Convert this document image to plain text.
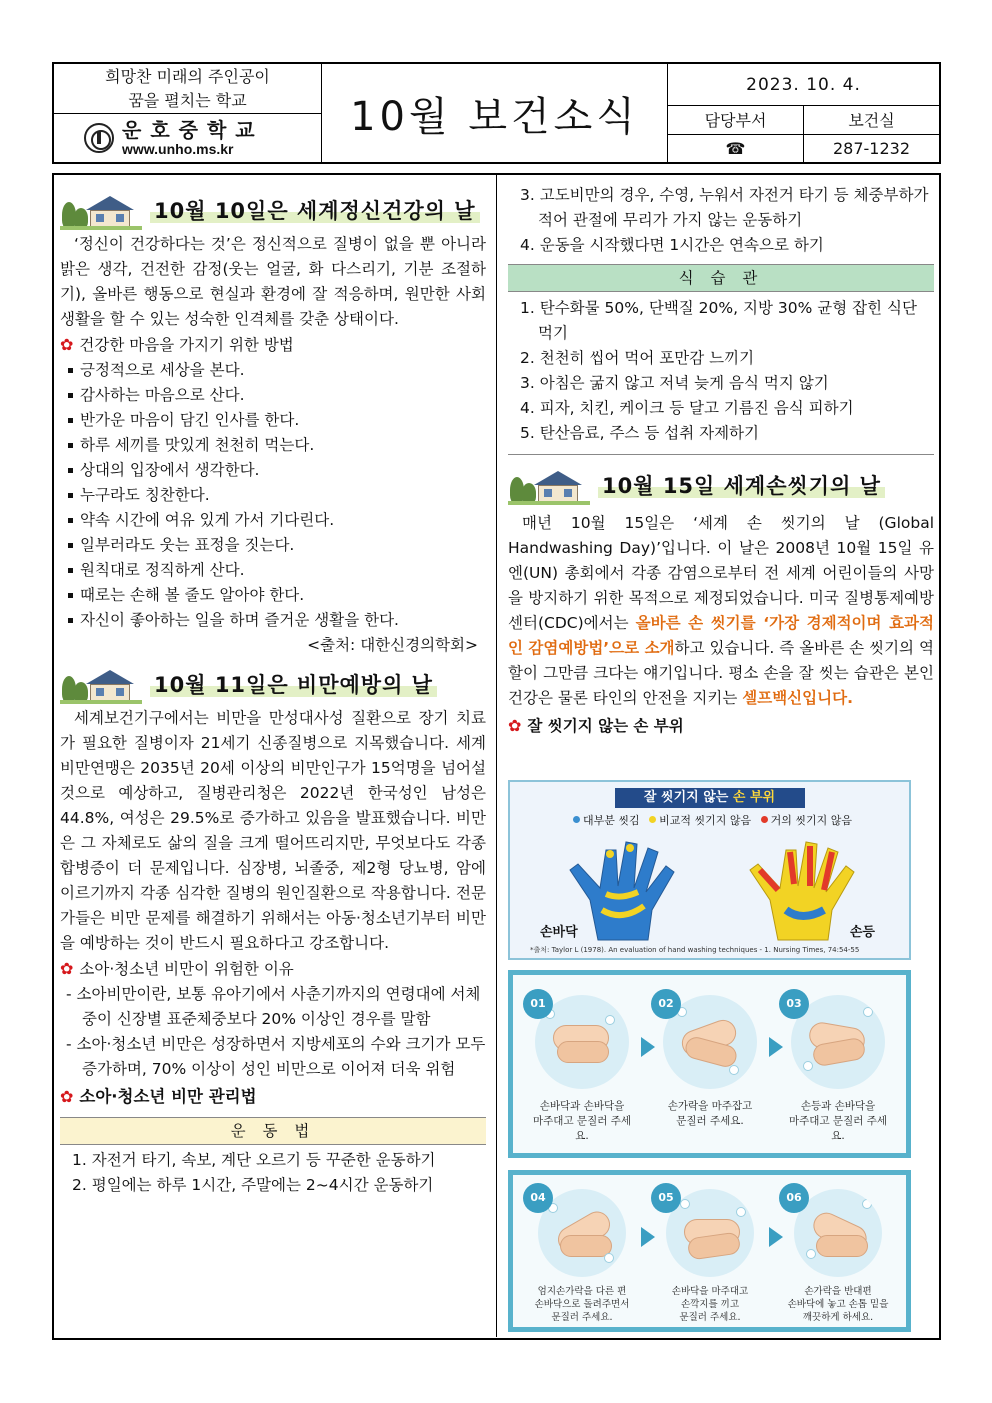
희망찬 미래의 주인공이
꿈을 펼치는 학교
운호중학교
www.unho.ms.kr
10월 보건소식
2023. 10. 4.
담당부서	보건실
☎	287-1232
10월 10일은 세계정신건강의 날
‘정신이 건강하다는 것’은 정신적으로 질병이 없을 뿐 아니라 밝은 생각, 건전한 감정(웃는 얼굴, 화 다스리기, 기분 조절하기), 올바른 행동으로 현실과 환경에 잘 적응하며, 원만한 사회생활을 할 수 있는 성숙한 인격체를 갖춘 상태이다.
✿ 건강한 마음을 가지기 위한 방법
긍정적으로 세상을 본다.
감사하는 마음으로 산다.
반가운 마음이 담긴 인사를 한다.
하루 세끼를 맛있게 천천히 먹는다.
상대의 입장에서 생각한다.
누구라도 칭찬한다.
약속 시간에 여유 있게 가서 기다린다.
일부러라도 웃는 표정을 짓는다.
원칙대로 정직하게 산다.
때로는 손해 볼 줄도 알아야 한다.
자신이 좋아하는 일을 하며 즐거운 생활을 한다.
<출처: 대한신경의학회>
10월 11일은 비만예방의 날
세계보건기구에서는 비만을 만성대사성 질환으로 장기 치료가 필요한 질병이자 21세기 신종질병으로 지목했습니다. 세계비만연맹은 2035년 20세 이상의 비만인구가 15억명을 넘어설 것으로 예상하고, 질병관리청은 2022년 한국성인 남성은 44.8%, 여성은 29.5%로 증가하고 있음을 발표했습니다. 비만은 그 자체로도 삶의 질을 크게 떨어뜨리지만, 무엇보다도 각종 합병증이 더 문제입니다. 심장병, 뇌졸중, 제2형 당뇨병, 암에 이르기까지 각종 심각한 질병의 원인질환으로 작용합니다. 전문가들은 비만 문제를 해결하기 위해서는 아동·청소년기부터 비만을 예방하는 것이 반드시 필요하다고 강조합니다.
✿ 소아·청소년 비만이 위험한 이유
- 소아비만이란, 보통 유아기에서 사춘기까지의 연령대에 서체중이 신장별 표준체중보다 20% 이상인 경우를 말함
- 소아·청소년 비만은 성장하면서 지방세포의 수와 크기가 모두 증가하며, 70% 이상이 성인 비만으로 이어져 더욱 위험
✿ 소아·청소년 비만 관리법
운 동 법
1. 자전거 타기, 속보, 계단 오르기 등 꾸준한 운동하기
2. 평일에는 하루 1시간, 주말에는 2~4시간 운동하기
3. 고도비만의 경우, 수영, 누워서 자전거 타기 등 체중부하가 적어 관절에 무리가 가지 않는 운동하기
4. 운동을 시작했다면 1시간은 연속으로 하기
식 습 관
1. 탄수화물 50%, 단백질 20%, 지방 30% 균형 잡힌 식단 먹기
2. 천천히 씹어 먹어 포만감 느끼기
3. 아침은 굶지 않고 저녁 늦게 음식 먹지 않기
4. 피자, 치킨, 케이크 등 달고 기름진 음식 피하기
5. 탄산음료, 주스 등 섭취 자제하기
10월 15일 세계손씻기의 날
매년 10월 15일은 ‘세계 손 씻기의 날 (Global Handwashing Day)’입니다. 이 날은 2008년 10월 15일 유엔(UN) 총회에서 각종 감염으로부터 전 세계 어린이들의 사망을 방지하기 위한 목적으로 제정되었습니다. 미국 질병통제예방센터(CDC)에서는 올바른 손 씻기를 ‘가장 경제적이며 효과적인 감염예방법’으로 소개하고 있습니다. 즉 올바른 손 씻기의 역할이 그만큼 크다는 얘기입니다. 평소 손을 잘 씻는 습관은 본인 건강은 물론 타인의 안전을 지키는 셀프백신입니다.
✿ 잘 씻기지 않는 손 부위
잘 씻기지 않는 손 부위
대부분 씻김 비교적 씻기지 않음 거의 씻기지 않음
손바닥	손등
*출처: Taylor L (1978). An evaluation of hand washing techniques - 1. Nursing Times, 74:54-55
01
손바닥과 손바닥을
마주대고 문질러 주세요.
02
손가락을 마주잡고
문질러 주세요.
03
손등과 손바닥을
마주대고 문질러 주세요.
04
엄지손가락을 다른 편
손바닥으로 돌려주면서
문질러 주세요.
05
손바닥을 마주대고
손깍지를 끼고
문질러 주세요.
06
손가락을 반대편
손바닥에 놓고 손톱 밑을
깨끗하게 하세요.
